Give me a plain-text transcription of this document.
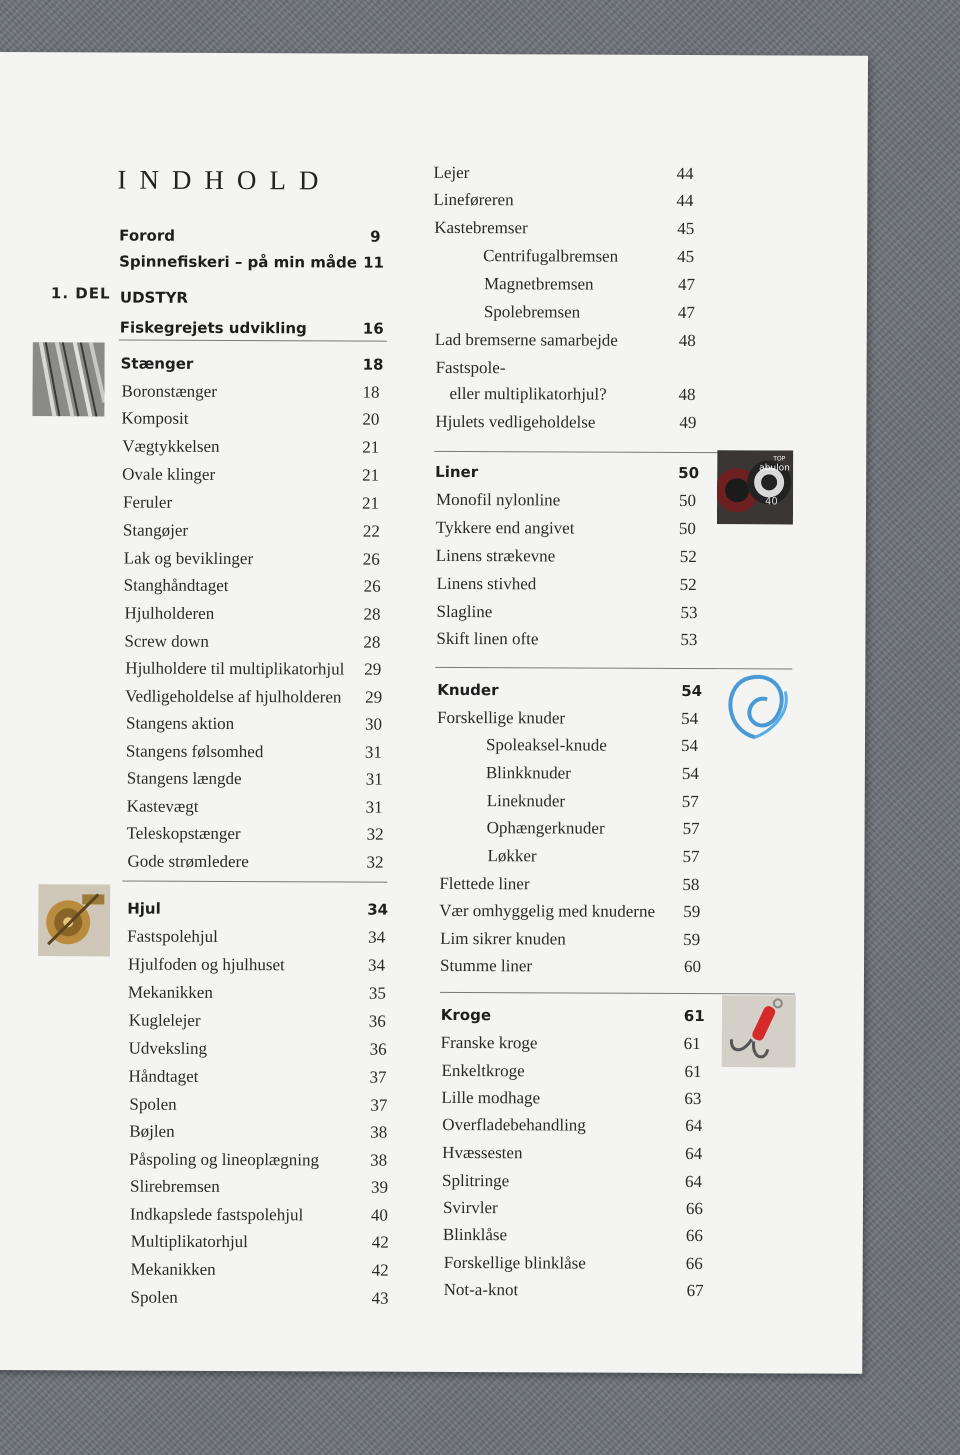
INDHOLD
1. DEL
Forord	9
Spinnefiskeri – på min måde 11
UDSTYR
Fiskegrejets udvikling	16
Stænger	18
Boronstænger	18
Komposit	20
Vægtykkelsen	21
Ovale klinger	21
Feruler	21
Stangøjer	22
Lak og beviklinger	26
Stanghåndtaget	26
Hjulholderen	28
Screw down	28
Hjulholdere til multiplikatorhjul 29
Vedligeholdelse af hjulholderen 29
Stangens aktion	30
Stangens følsomhed	31
Stangens længde	31
Kastevægt	31
Teleskopstænger	32
Gode strømledere	32
Hjul	34
Fastspolehjul	34
Hjulfoden og hjulhuset	34
Mekanikken	35
Kuglelejer	36
Udveksling	36
Håndtaget	37
Spolen	37
Bøjlen	38
Påspoling og lineoplægning	38
Slirebremsen	39
Indkapslede fastspolehjul	40
Multiplikatorhjul	42
Mekanikken	42
Spolen	43
Lejer	44
Lineføreren	44
Kastebremser	45
Centrifugalbremsen	45
Magnetbremsen	47
Spolebremsen	47
Lad bremserne samarbejde	48
Fastspole-
eller multiplikatorhjul?	48
Hjulets vedligeholdelse	49
Liner	50
Monofil nylonline	50
Tykkere end angivet	50
Linens strækevne	52
Linens stivhed	52
Slagline	53
Skift linen ofte	53
Knuder	54
Forskellige knuder	54
Spoleaksel-knude	54
Blinkknuder	54
Lineknuder	57
Ophængerknuder	57
Løkker	57
Flettede liner	58
Vær omhyggelig med knuderne 59
Lim sikrer knuden	59
Stumme liner	60
Kroge	61
Franske kroge	61
Enkeltkroge	61
Lille modhage	63
Overfladebehandling	64
Hvæssesten	64
Splitringe	64
Svirvler	66
Blinklåse	66
Forskellige blinklåse	66
Not-a-knot	67
TOP
abulon
40
